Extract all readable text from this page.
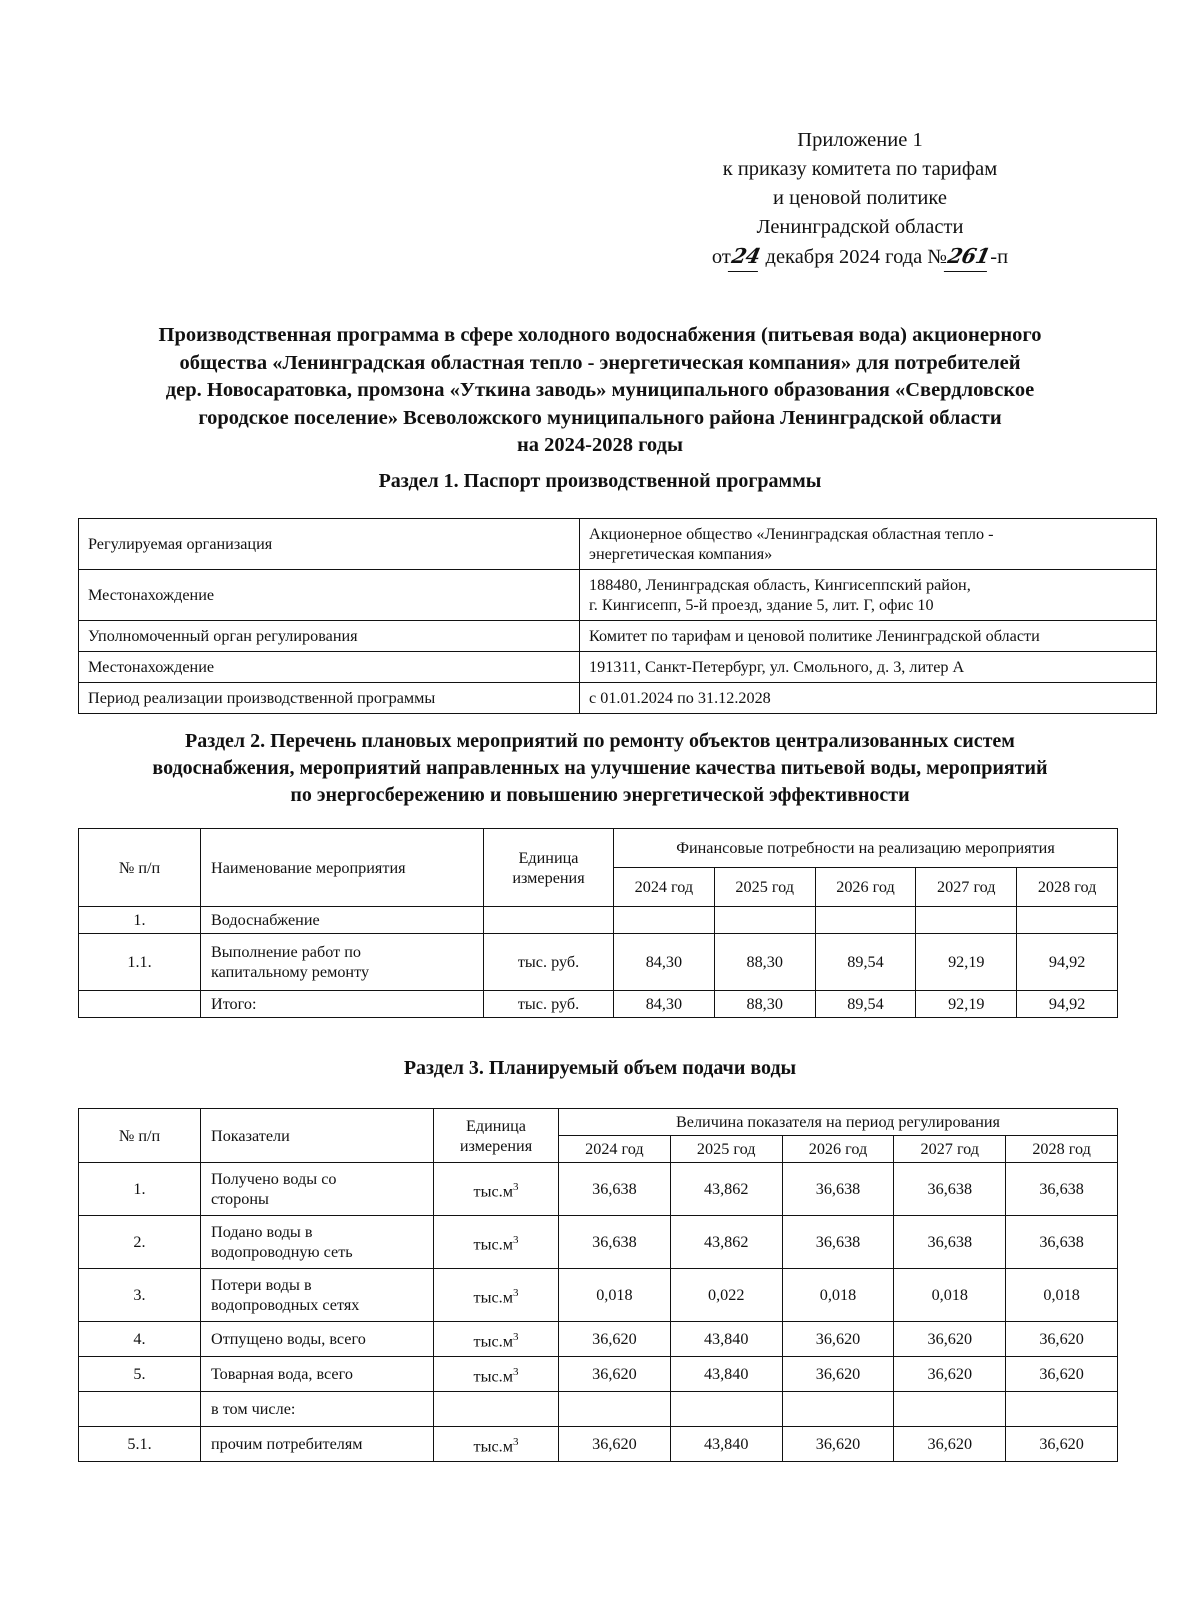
Приложение 1
к приказу комитета по тарифам
и ценовой политике
Ленинградской области
от24 декабря 2024 года №261-п
Производственная программа в сфере холодного водоснабжения (питьевая вода) акционерного
общества «Ленинградская областная тепло - энергетическая компания» для потребителей
дер. Новосаратовка, промзона «Уткина заводь» муниципального образования «Свердловское
городское поселение» Всеволожского муниципального района Ленинградской области
на 2024-2028 годы
Раздел 1. Паспорт производственной программы
Регулируемая организация	Акционерное общество «Ленинградская областная тепло -
энергетическая компания»
Местонахождение	188480, Ленинградская область, Кингисеппский район,
г. Кингисепп, 5-й проезд, здание 5, лит. Г, офис 10
Уполномоченный орган регулирования	Комитет по тарифам и ценовой политике Ленинградской области
Местонахождение	191311, Санкт-Петербург, ул. Смольного, д. 3, литер А
Период реализации производственной программы	с 01.01.2024 по 31.12.2028
Раздел 2. Перечень плановых мероприятий по ремонту объектов централизованных систем
водоснабжения, мероприятий направленных на улучшение качества питьевой воды, мероприятий
по энергосбережению и повышению энергетической эффективности
№ п/п	Наименование мероприятия	Единица
измерения	Финансовые потребности на реализацию мероприятия				
			2024 год	2025 год	2026 год	2027 год	2028 год
1.	Водоснабжение						
1.1.	Выполнение работ по
капитальному ремонту	тыс. руб.	84,30	88,30	89,54	92,19	94,92
	Итого:	тыс. руб.	84,30	88,30	89,54	92,19	94,92
Раздел 3. Планируемый объем подачи воды
№ п/п	Показатели	Единица
измерения	Величина показателя на период регулирования				
			2024 год	2025 год	2026 год	2027 год	2028 год
1.	Получено воды со
стороны	$тыс.м^3$	36,638	43,862	36,638	36,638	36,638
2.	Подано воды в
водопроводную сеть	$тыс.м^3$	36,638	43,862	36,638	36,638	36,638
3.	Потери воды в
водопроводных сетях	$тыс.м^3$	0,018	0,022	0,018	0,018	0,018
4.	Отпущено воды, всего	$тыс.м^3$	36,620	43,840	36,620	36,620	36,620
5.	Товарная вода, всего	$тыс.м^3$	36,620	43,840	36,620	36,620	36,620
	в том числе:						
5.1.	прочим потребителям	$тыс.м^3$	36,620	43,840	36,620	36,620	36,620
